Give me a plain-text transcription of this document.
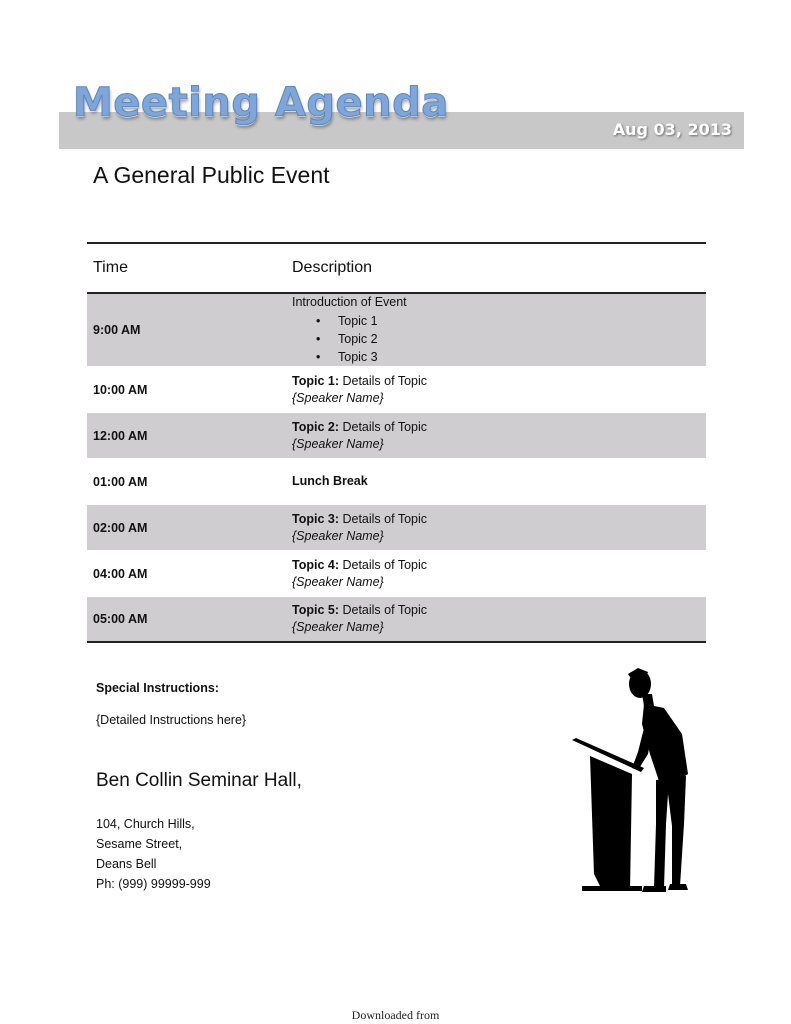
Meeting Agenda
Aug 03, 2013
A General Public Event
Time	Description
9:00 AM
Introduction of Event
• Topic 1
• Topic 2
• Topic 3
10:00 AM
Topic 1: Details of Topic
{Speaker Name}
12:00 AM
Topic 2: Details of Topic
{Speaker Name}
01:00 AM	Lunch Break
02:00 AM
Topic 3: Details of Topic
{Speaker Name}
04:00 AM
Topic 4: Details of Topic
{Speaker Name}
05:00 AM
Topic 5: Details of Topic
{Speaker Name}
Special Instructions:
{Detailed Instructions here}
Ben Collin Seminar Hall,
104, Church Hills,
Sesame Street,
Deans Bell
Ph: (999) 99999-999
Downloaded from
